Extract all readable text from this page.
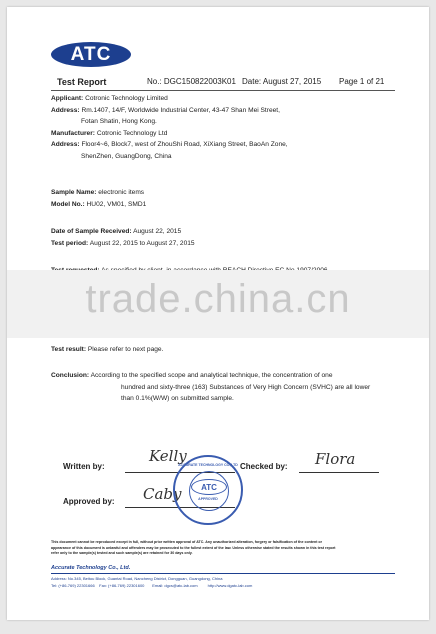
ATC
Test Report	No.: DGC150822003K01 Date: August 27, 2015 Page 1 of 21
Applicant: Cotronic Technology Limited
Address: Rm.1407, 14/F, Worldwide Industrial Center, 43-47 Shan Mei Street,
Fotan Shatin, Hong Kong.
Manufacturer: Cotronic Technology Ltd
Address: Floor4~6, Block7, west of ZhouShi Road, XiXiang Street, BaoAn Zone,
ShenZhen, GuangDong, China
Sample Name: electronic items
Model No.: HU02, VM01, SMD1
Date of Sample Received: August 22, 2015
Test period: August 22, 2015 to August 27, 2015
trade.china.cn
Test result: Please refer to next page.
Conclusion: According to the specified scope and analytical technique, the concentration of one
hundred and sixty-three (163) Substances of Very High Concern (SVHC) are all lower
than 0.1%(W/W) on submitted sample.
Written by:
Kelly
Checked by: Flora
Approved by: Caby
ACCURATE TECHNOLOGY CO.,LTD
ATC
APPROVED
This document cannot be reproduced except in full, without prior written approval of ATC. Any unauthorized alteration, forgery or falsification of the content or
appearance of this document is unlawful and offenders may be prosecuted to the fullest extent of the law. Unless otherwise stated the results shown in this test report
refer only to the sample(s) tested and such sample(s) are retained for 30 days only.
Accurate Technology Co., Ltd.
Address: No.345, Beitou Block, Guantai Road, Nancheng District, Dongguan, Guangdong, China
Tel: (+86-769) 22301666 Fax: (+86-769) 22301600 Email: dgcs@atc-lab.com	http://www.dgatc-lab.com
